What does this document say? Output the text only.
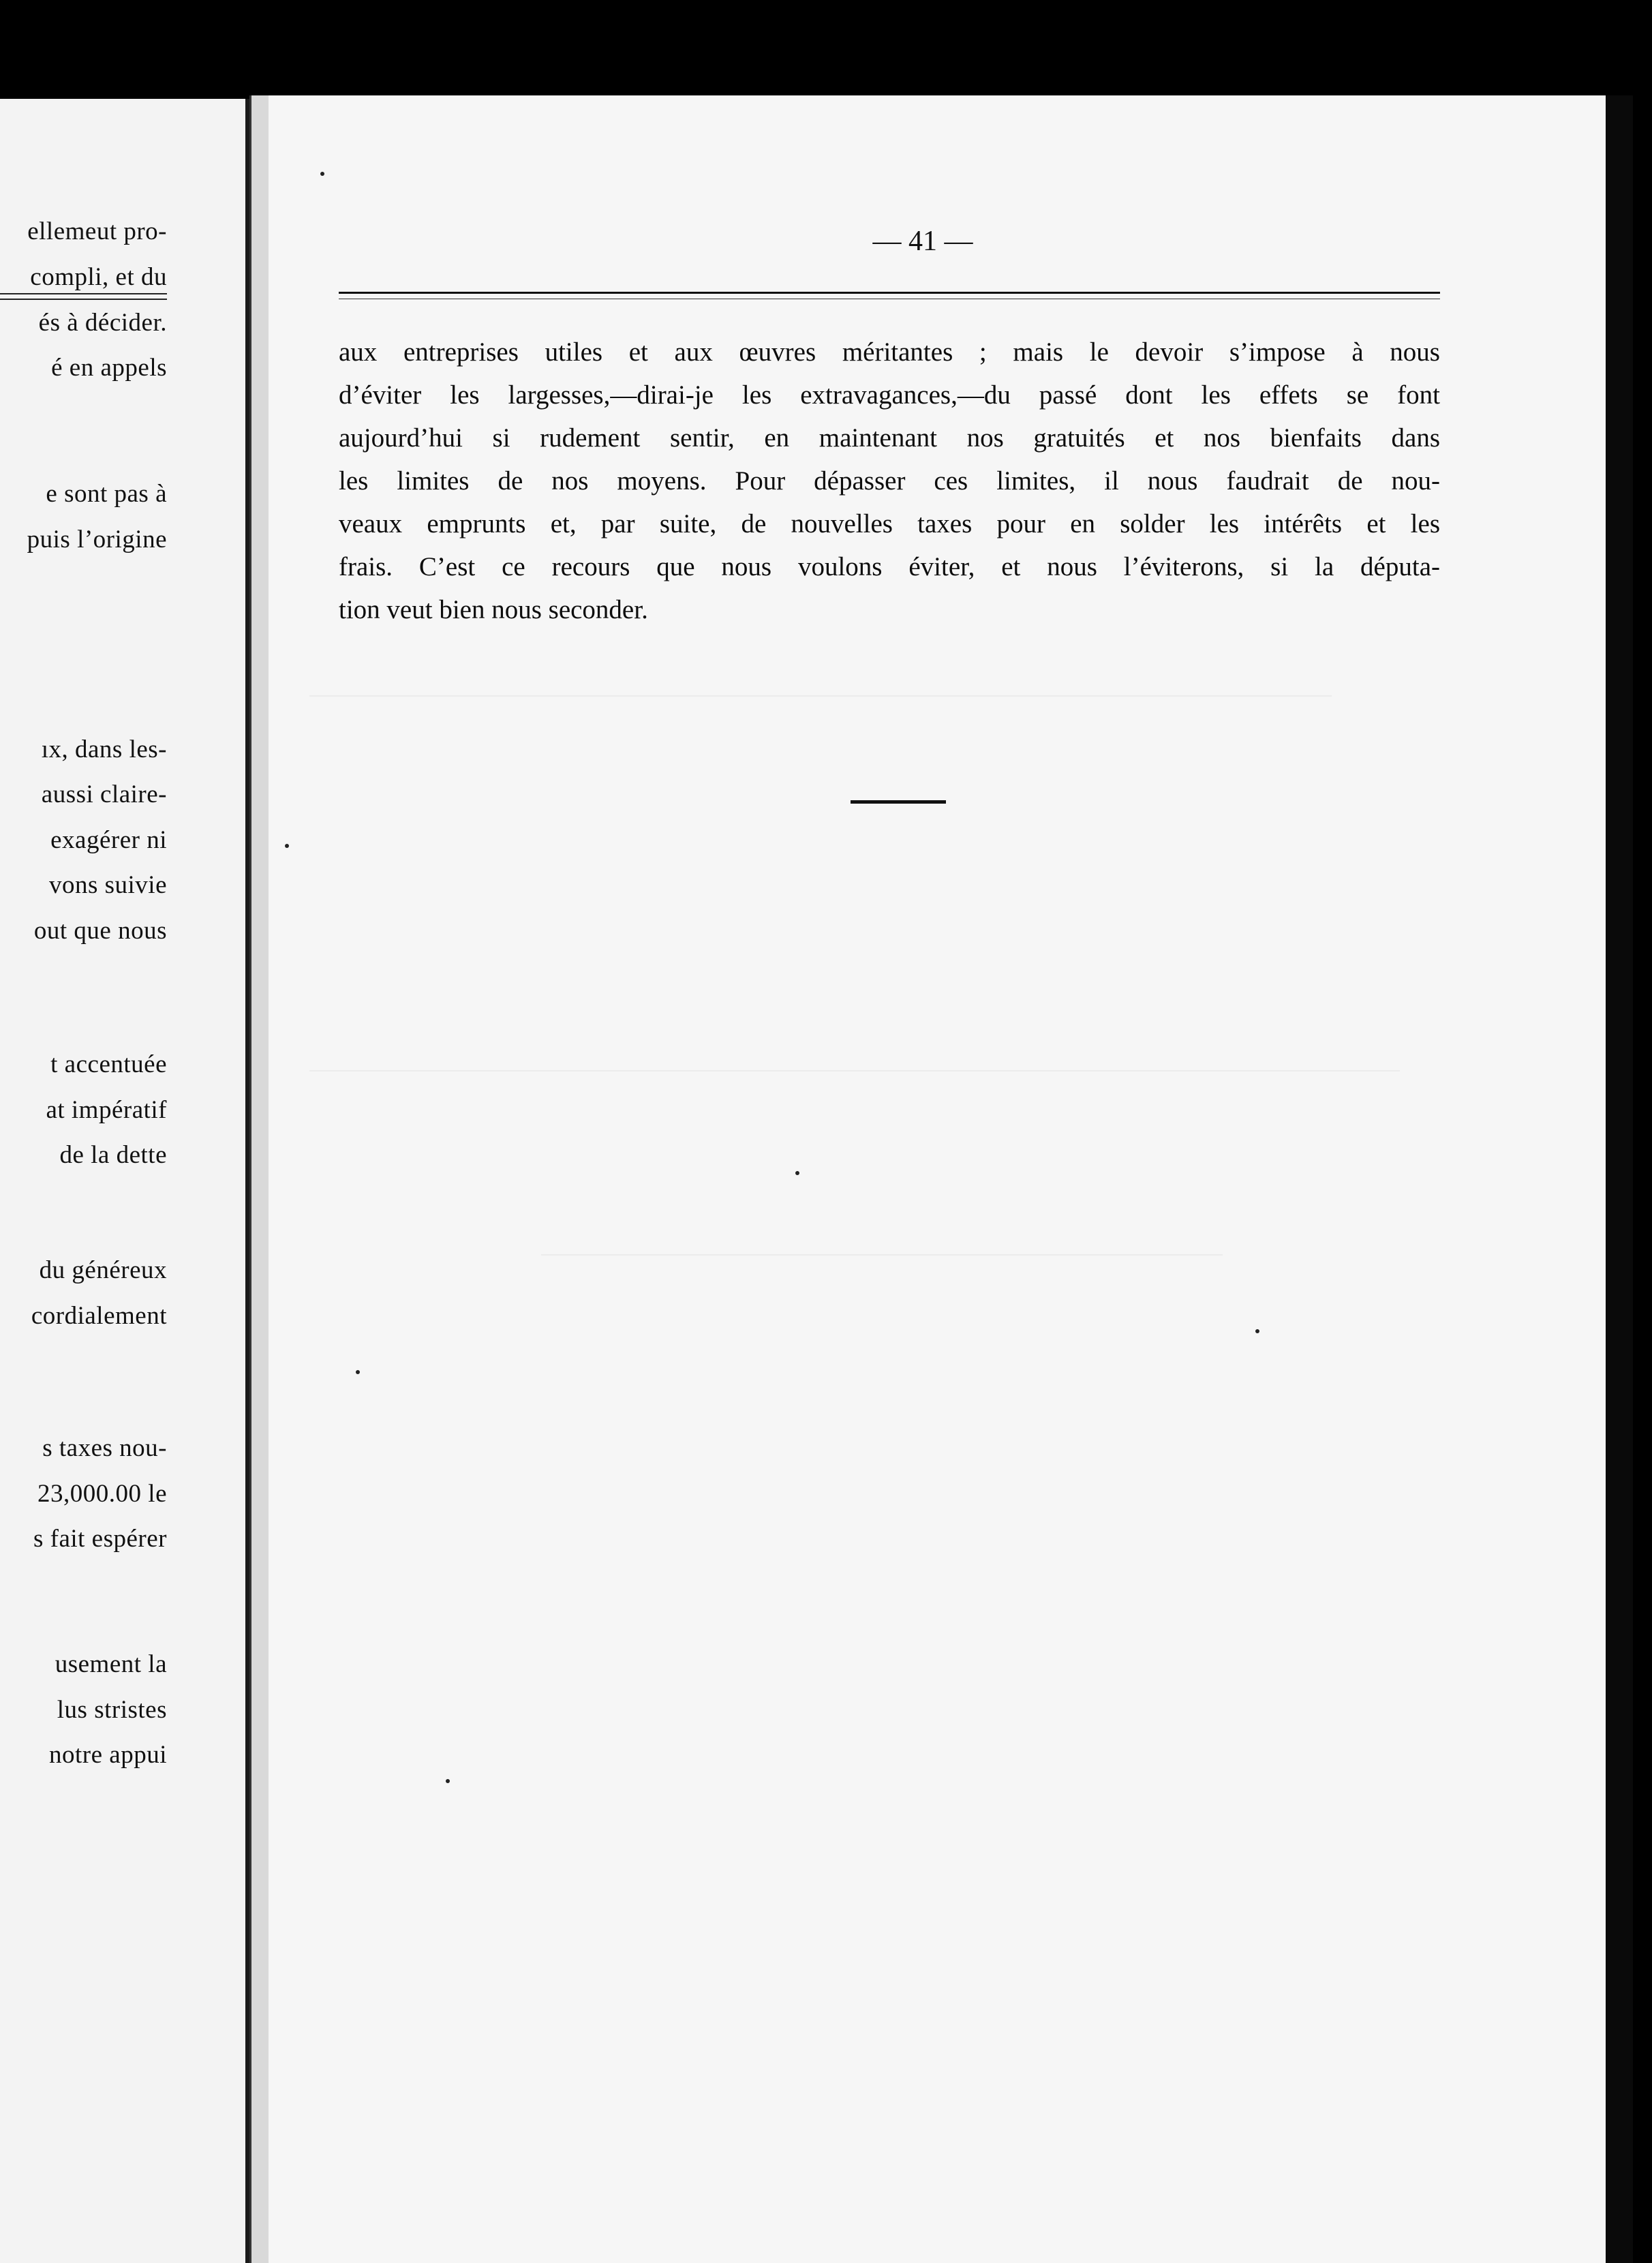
ellemeut pro-
compli, et du
és à décider.
é en appels
e sont pas à
puis l’origine
ıx, dans les-
aussi claire-
exagérer ni
vons suivie
out que nous
t accentuée
at impératif
de la dette
du généreux
cordialement
s taxes nou-
23,000.00 le
s fait espérer
usement la
lus stristes
notre appui
— 41 —
aux entreprises utiles et aux œuvres méritantes ; mais le devoir s’impose à nous
d’éviter les largesses,—dirai-je les extravagances,—du passé dont les effets se font
aujourd’hui si rudement sentir, en maintenant nos gratuités et nos bienfaits dans
les limites de nos moyens. Pour dépasser ces limites, il nous faudrait de nou-
veaux emprunts et, par suite, de nouvelles taxes pour en solder les intérêts et les
frais. C’est ce recours que nous voulons éviter, et nous l’éviterons, si la députa-
tion veut bien nous seconder.
